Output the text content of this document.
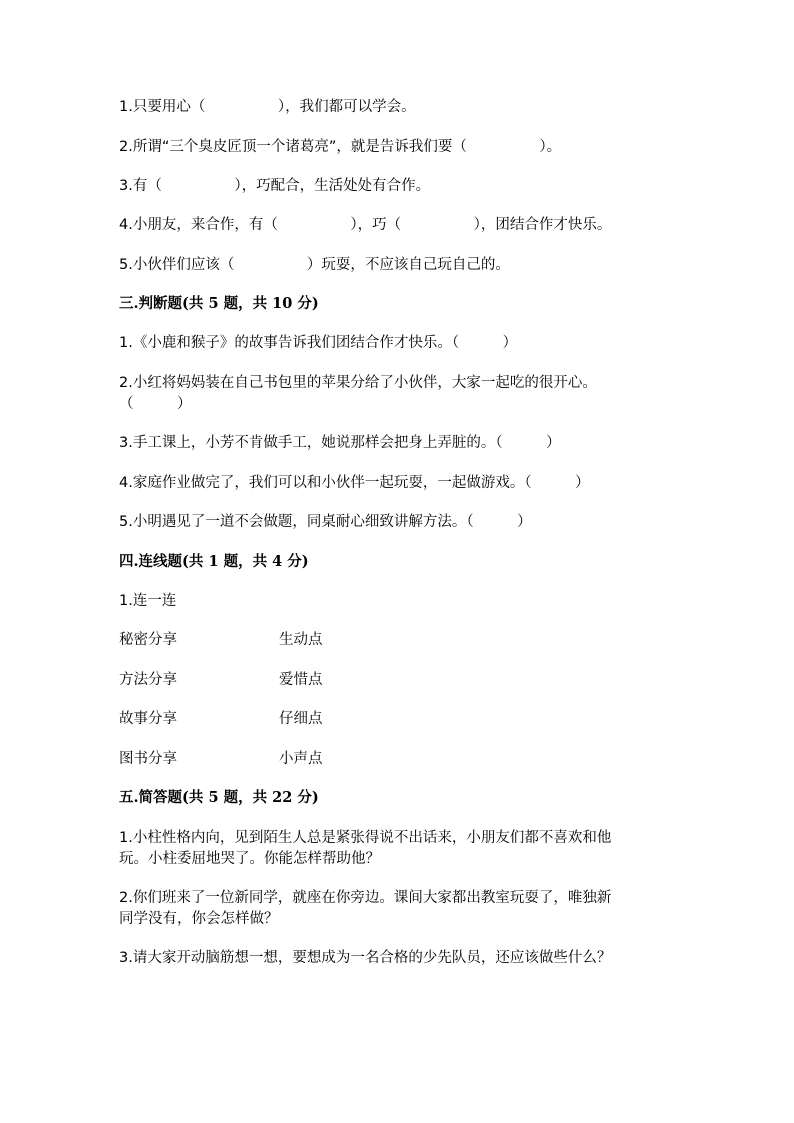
1.只要用心（　　　　　），我们都可以学会。
2.所谓“三个臭皮匠顶一个诸葛亮”，就是告诉我们要（　　　　　）。
3.有（　　　　　），巧配合，生活处处有合作。
4.小朋友，来合作，有（　　　　　），巧（　　　　　），团结合作才快乐。
5.小伙伴们应该（　　　　　）玩耍，不应该自己玩自己的。
三.判断题(共 5 题，共 10 分)
1.《小鹿和猴子》的故事告诉我们团结合作才快乐。（　　　）
2.小红将妈妈装在自己书包里的苹果分给了小伙伴，大家一起吃的很开心。
（　　　）
3.手工课上，小芳不肯做手工，她说那样会把身上弄脏的。（　　　）
4.家庭作业做完了，我们可以和小伙伴一起玩耍，一起做游戏。（　　　）
5.小明遇见了一道不会做题，同桌耐心细致讲解方法。（　　　）
四.连线题(共 1 题，共 4 分)
1.连一连
秘密分享	生动点
方法分享	爱惜点
故事分享	仔细点
图书分享	小声点
五.简答题(共 5 题，共 22 分)
1.小柱性格内向，见到陌生人总是紧张得说不出话来，小朋友们都不喜欢和他
玩。小柱委屈地哭了。你能怎样帮助他？
2.你们班来了一位新同学，就座在你旁边。课间大家都出教室玩耍了，唯独新
同学没有，你会怎样做？
3.请大家开动脑筋想一想，要想成为一名合格的少先队员，还应该做些什么？
